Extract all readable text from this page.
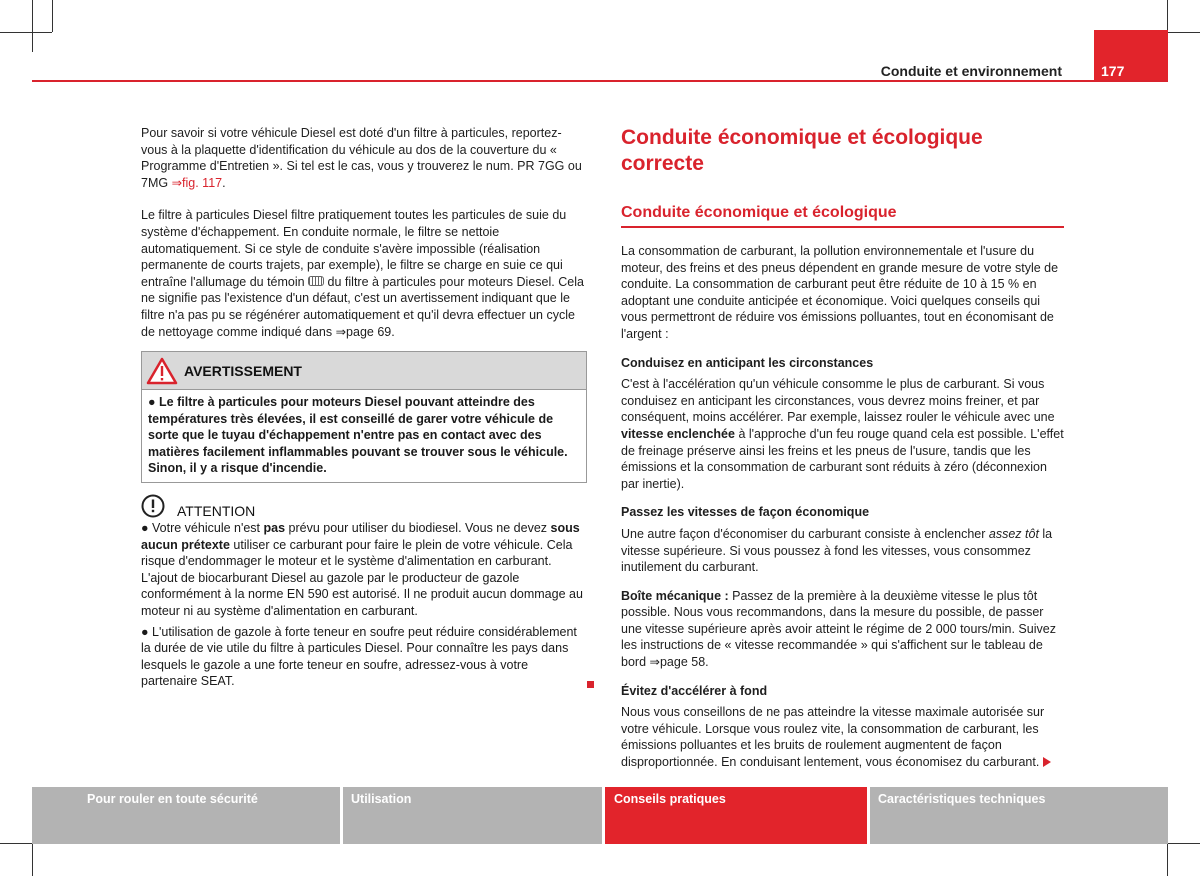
Conduite et environnement	177

Pour savoir si votre véhicule Diesel est doté d'un filtre à particules, reportez-vous à la plaquette d'identification du véhicule au dos de la couverture du « Programme d'Entretien ». Si tel est le cas, vous y trouverez le num. PR 7GG ou 7MG ⇒fig. 117.

Le filtre à particules Diesel filtre pratiquement toutes les particules de suie du système d'échappement. En conduite normale, le filtre se nettoie automatiquement. Si ce style de conduite s'avère impossible (réalisation permanente de courts trajets, par exemple), le filtre se charge en suie ce qui entraîne l'allumage du témoin  du filtre à particules pour moteurs Diesel. Cela ne signifie pas l'existence d'un défaut, c'est un avertissement indiquant que le filtre n'a pas pu se régénérer automatiquement et qu'il devra effectuer un cycle de nettoyage comme indiqué dans ⇒page 69.

AVERTISSEMENT
● Le filtre à particules pour moteurs Diesel pouvant atteindre des températures très élevées, il est conseillé de garer votre véhicule de sorte que le tuyau d'échappement n'entre pas en contact avec des matières facilement inflammables pouvant se trouver sous le véhicule. Sinon, il y a risque d'incendie.
ATTENTION

● Votre véhicule n'est pas prévu pour utiliser du biodiesel. Vous ne devez sous aucun prétexte utiliser ce carburant pour faire le plein de votre véhicule. Cela risque d'endommager le moteur et le système d'alimentation en carburant. L'ajout de biocarburant Diesel au gazole par le producteur de gazole conformément à la norme EN 590 est autorisé. Il ne produit aucun dommage au moteur ni au système d'alimentation en carburant.

● L'utilisation de gazole à forte teneur en soufre peut réduire considérablement la durée de vie utile du filtre à particules Diesel. Pour connaître les pays dans lesquels le gazole a une forte teneur en soufre, adressez-vous à votre partenaire SEAT.

Conduite économique et écologique correcte
Conduite économique et écologique

La consommation de carburant, la pollution environnementale et l'usure du moteur, des freins et des pneus dépendent en grande mesure de votre style de conduite. La consommation de carburant peut être réduite de 10 à 15 % en adoptant une conduite anticipée et économique. Voici quelques conseils qui vous permettront de réduire vos émissions polluantes, tout en économisant de l'argent :

Conduisez en anticipant les circonstances

C'est à l'accélération qu'un véhicule consomme le plus de carburant. Si vous conduisez en anticipant les circonstances, vous devrez moins freiner, et par conséquent, moins accélérer. Par exemple, laissez rouler le véhicule avec une vitesse enclenchée à l'approche d'un feu rouge quand cela est possible. L'effet de freinage préserve ainsi les freins et les pneus de l'usure, tandis que les émissions et la consommation de carburant sont réduits à zéro (déconnexion par inertie).

Passez les vitesses de façon économique

Une autre façon d'économiser du carburant consiste à enclencher assez tôt la vitesse supérieure. Si vous poussez à fond les vitesses, vous consommez inutilement du carburant.

Boîte mécanique : Passez de la première à la deuxième vitesse le plus tôt possible. Nous vous recommandons, dans la mesure du possible, de passer une vitesse supérieure après avoir atteint le régime de 2 000 tours/min. Suivez les instructions de « vitesse recommandée » qui s'affichent sur le tableau de bord ⇒page 58.

Évitez d'accélérer à fond

Nous vous conseillons de ne pas atteindre la vitesse maximale autorisée sur votre véhicule. Lorsque vous roulez vite, la consommation de carburant, les émissions polluantes et les bruits de roulement augmentent de façon disproportionnée. En conduisant lentement, vous économisez du carburant.

Pour rouler en toute sécurité	Utilisation	Conseils pratiques	Caractéristiques techniques
